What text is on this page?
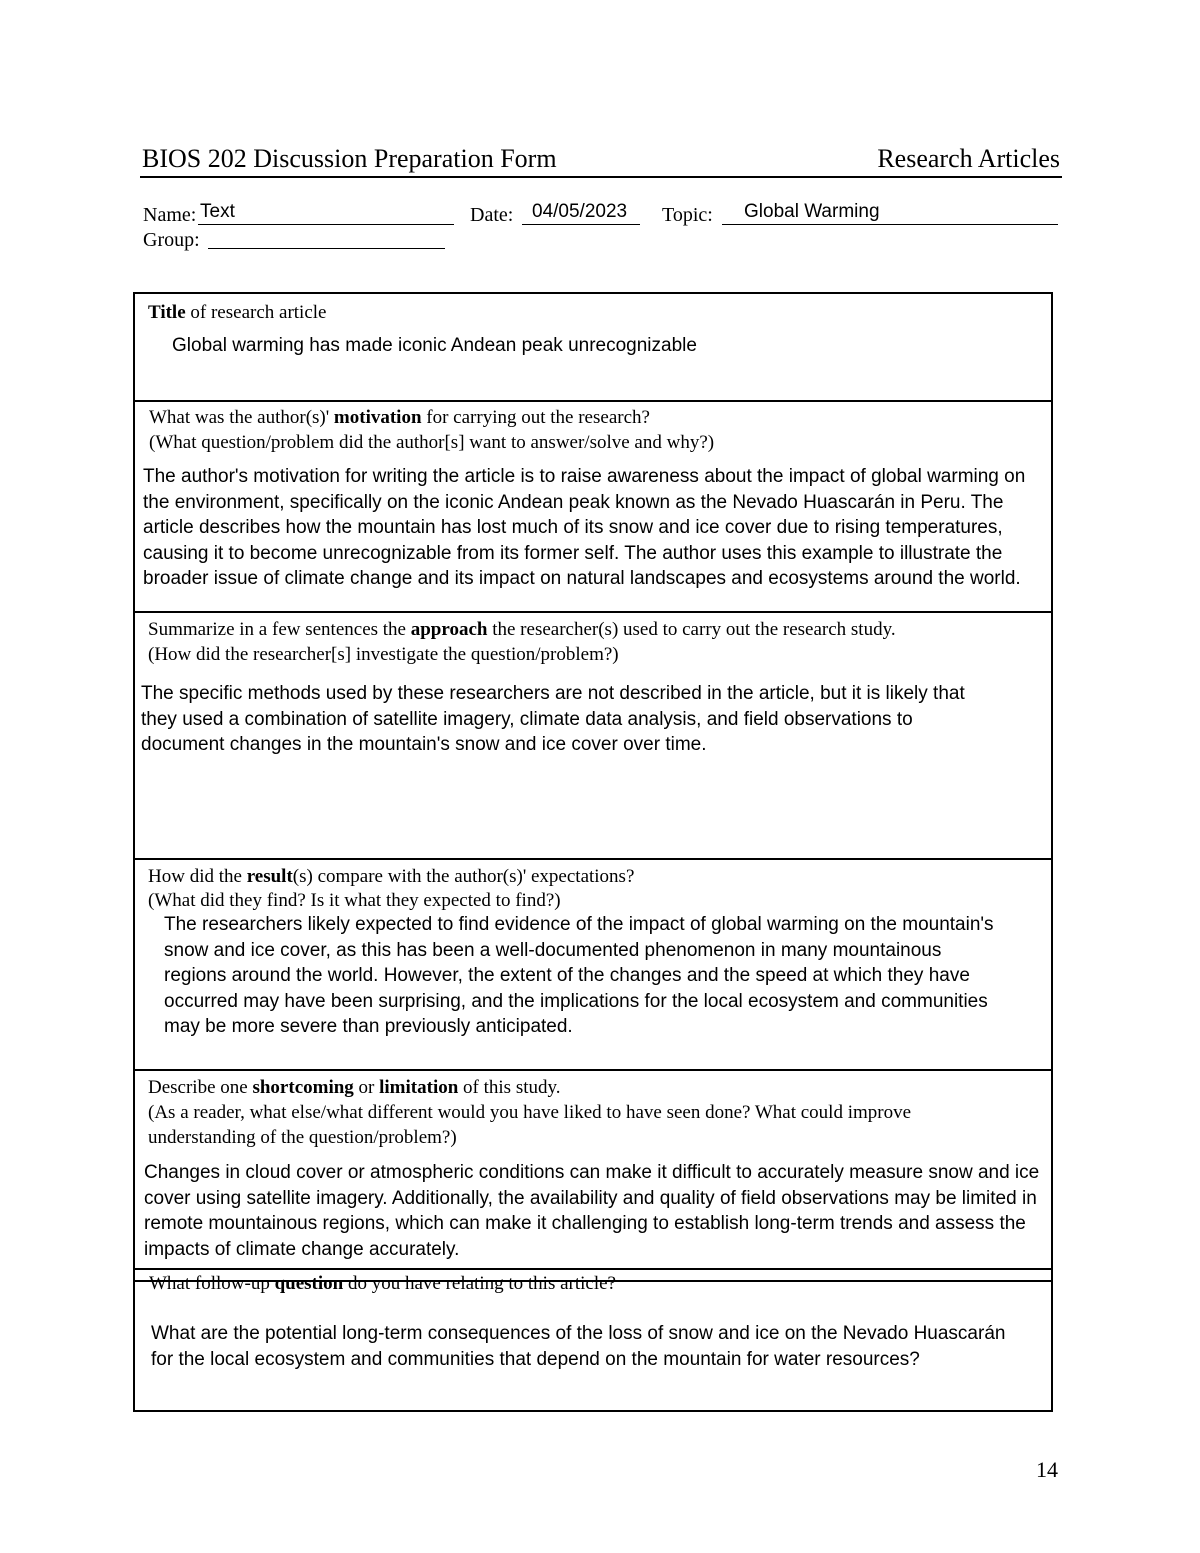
BIOS 202 Discussion Preparation Form	Research Articles
Name: Text	Date: 04/05/2023 Topic: Global Warming
Group:
Title of research article
Global warming has made iconic Andean peak unrecognizable
What was the author(s)' motivation for carrying out the research?
(What question/problem did the author[s] want to answer/solve and why?)
The author's motivation for writing the article is to raise awareness about the impact of global warming on the environment, specifically on the iconic Andean peak known as the Nevado Huascarán in Peru. The article describes how the mountain has lost much of its snow and ice cover due to rising temperatures, causing it to become unrecognizable from its former self. The author uses this example to illustrate the broader issue of climate change and its impact on natural landscapes and ecosystems around the world.
Summarize in a few sentences the approach the researcher(s) used to carry out the research study.
(How did the researcher[s] investigate the question/problem?)
The specific methods used by these researchers are not described in the article, but it is likely that they used a combination of satellite imagery, climate data analysis, and field observations to document changes in the mountain's snow and ice cover over time.
How did the result(s) compare with the author(s)' expectations?
(What did they find? Is it what they expected to find?)
The researchers likely expected to find evidence of the impact of global warming on the mountain's snow and ice cover, as this has been a well-documented phenomenon in many mountainous regions around the world. However, the extent of the changes and the speed at which they have occurred may have been surprising, and the implications for the local ecosystem and communities may be more severe than previously anticipated.
Describe one shortcoming or limitation of this study.
(As a reader, what else/what different would you have liked to have seen done? What could improve
understanding of the question/problem?)
Changes in cloud cover or atmospheric conditions can make it difficult to accurately measure snow and ice cover using satellite imagery. Additionally, the availability and quality of field observations may be limited in remote mountainous regions, which can make it challenging to establish long-term trends and assess the impacts of climate change accurately.
What follow-up question do you have relating to this article?
What are the potential long-term consequences of the loss of snow and ice on the Nevado Huascarán for the local ecosystem and communities that depend on the mountain for water resources?
14
